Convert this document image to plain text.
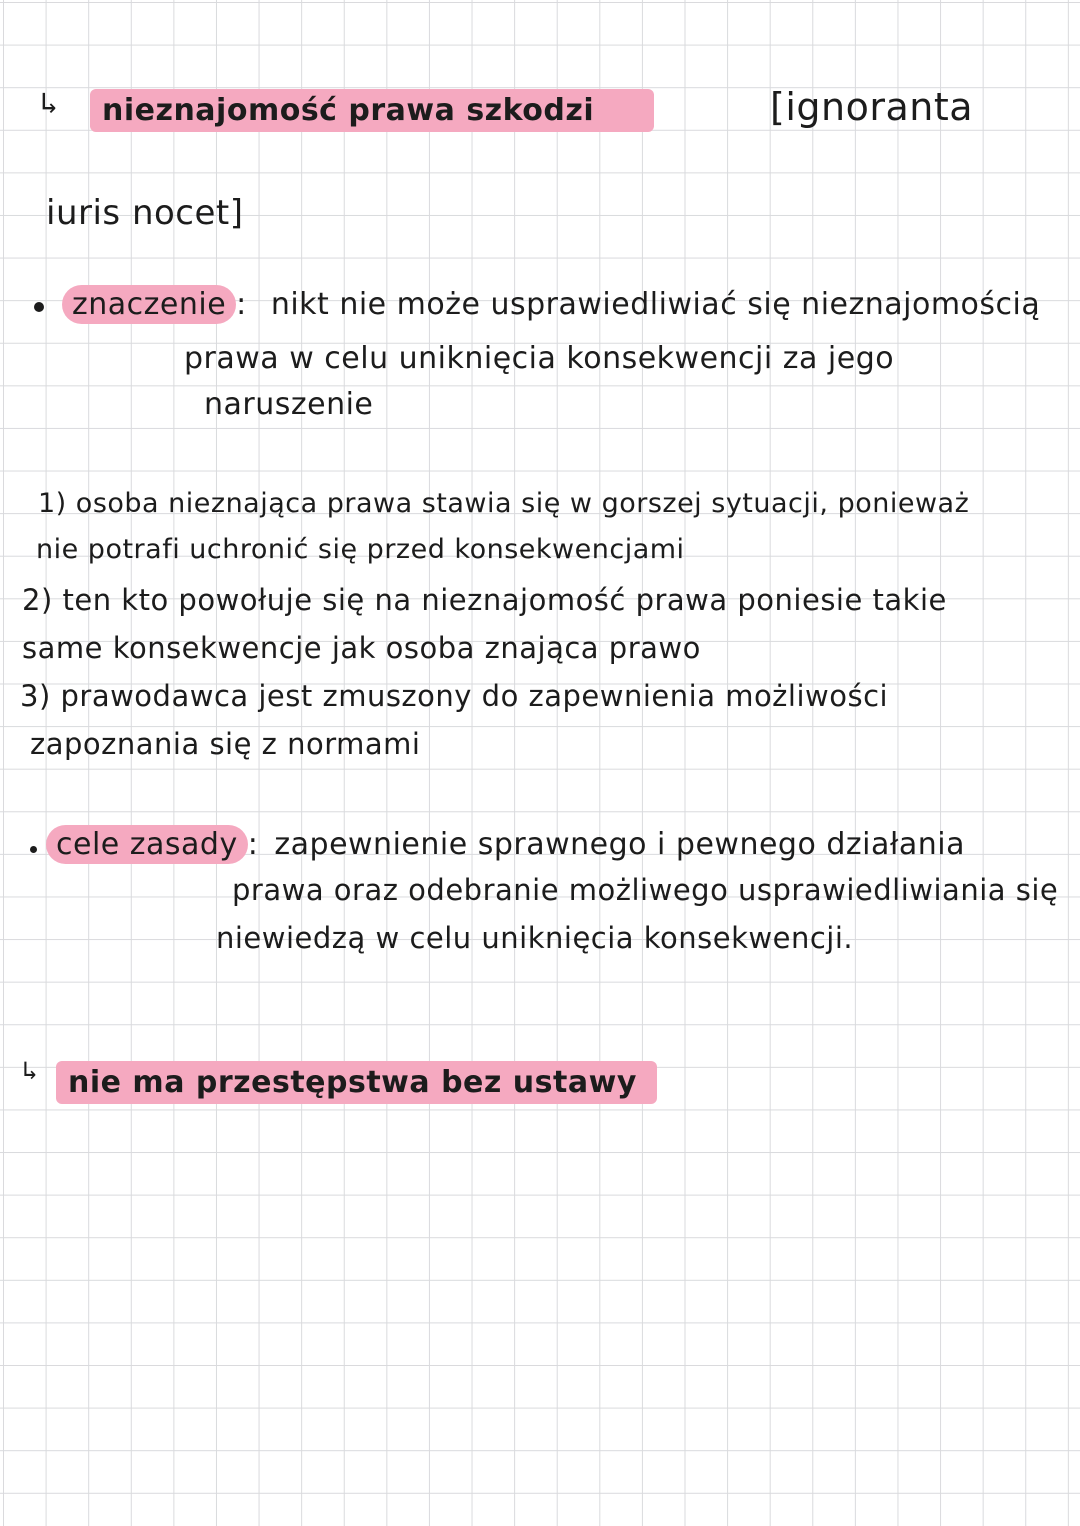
↳	nieznajomość prawa szkodzi	[ignoranta
iuris nocet]
znaczenie : nikt nie może usprawiedliwiać się nieznajomością
prawa w celu uniknięcia konsekwencji za jego
naruszenie
1) osoba nieznająca prawa stawia się w gorszej sytuacji, ponieważ
nie potrafi uchronić się przed konsekwencjami
2) ten kto powołuje się na nieznajomość prawa poniesie takie
same konsekwencje jak osoba znająca prawo
3) prawodawca jest zmuszony do zapewnienia możliwości
zapoznania się z normami
cele zasady : zapewnienie sprawnego i pewnego działania
prawa oraz odebranie możliwego usprawiedliwiania się
niewiedzą w celu uniknięcia konsekwencji.
↳	nie ma przestępstwa bez ustawy
